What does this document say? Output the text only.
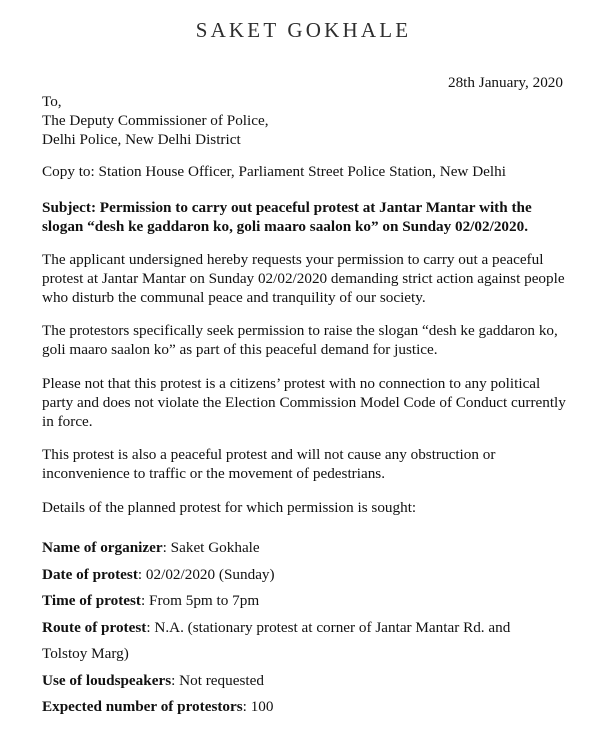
SAKET GOKHALE
28th January, 2020
To,
The Deputy Commissioner of Police,
Delhi Police, New Delhi District

Copy to: Station House Officer, Parliament Street Police Station, New Delhi

Subject: Permission to carry out peaceful protest at Jantar Mantar with the slogan “desh ke gaddaron ko, goli maaro saalon ko” on Sunday 02/02/2020.

The applicant undersigned hereby requests your permission to carry out a peaceful protest at Jantar Mantar on Sunday 02/02/2020 demanding strict action against people who disturb the communal peace and tranquility of our society.

The protestors specifically seek permission to raise the slogan “desh ke gaddaron ko, goli maaro saalon ko” as part of this peaceful demand for justice.

Please not that this protest is a citizens’ protest with no connection to any political party and does not violate the Election Commission Model Code of Conduct currently in force.

This protest is also a peaceful protest and will not cause any obstruction or inconvenience to traffic or the movement of pedestrians.

Details of the planned protest for which permission is sought:

Name of organizer: Saket Gokhale
Date of protest: 02/02/2020 (Sunday)
Time of protest: From 5pm to 7pm
Route of protest: N.A. (stationary protest at corner of Jantar Mantar Rd. and Tolstoy Marg)
Use of loudspeakers: Not requested
Expected number of protestors: 100
